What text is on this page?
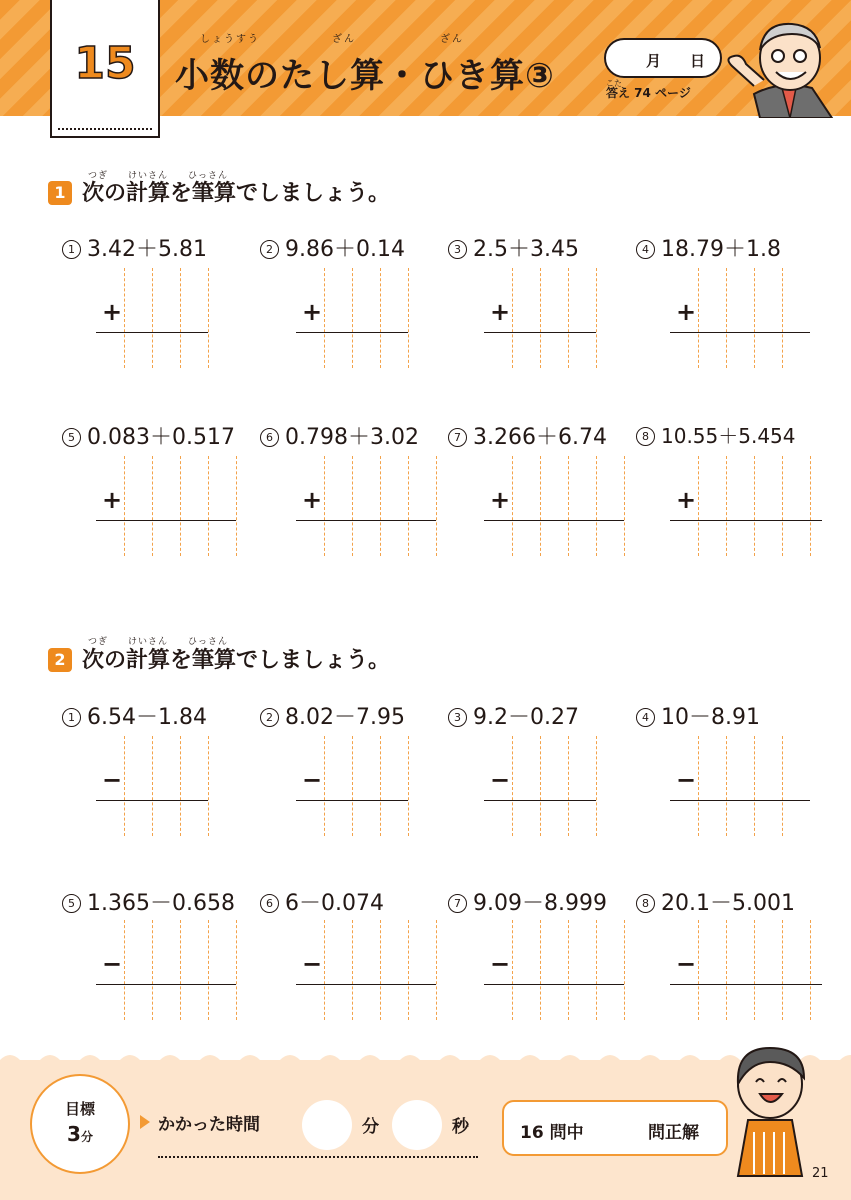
15	しょうすう　　　　　　ざん　　　　　　　ざん
小数のたし算・ひき算③	月 日
こた
答え 74 ページ
つぎ　　けいさん　　ひっさん
1 次の計算を筆算でしましょう。
1 3.42＋5.81	2 9.86＋0.14	3 2.5＋3.45	4 18.79＋1.8
+	+	+	+
5 0.083＋0.517	6 0.798＋3.02	7 3.266＋6.74	8 10.55＋5.454
+	+	+	+
つぎ　　けいさん　　ひっさん
2 次の計算を筆算でしましょう。
1 6.54－1.84	2 8.02－7.95	3 9.2－0.27	4 10－8.91
−	−	−	−
5 1.365－0.658	6 6－0.074	7 9.09－8.999	8 20.1－5.001
−	−	−	−
目標
3分
かかった時間	分	秒	16 問中	問正解
21
